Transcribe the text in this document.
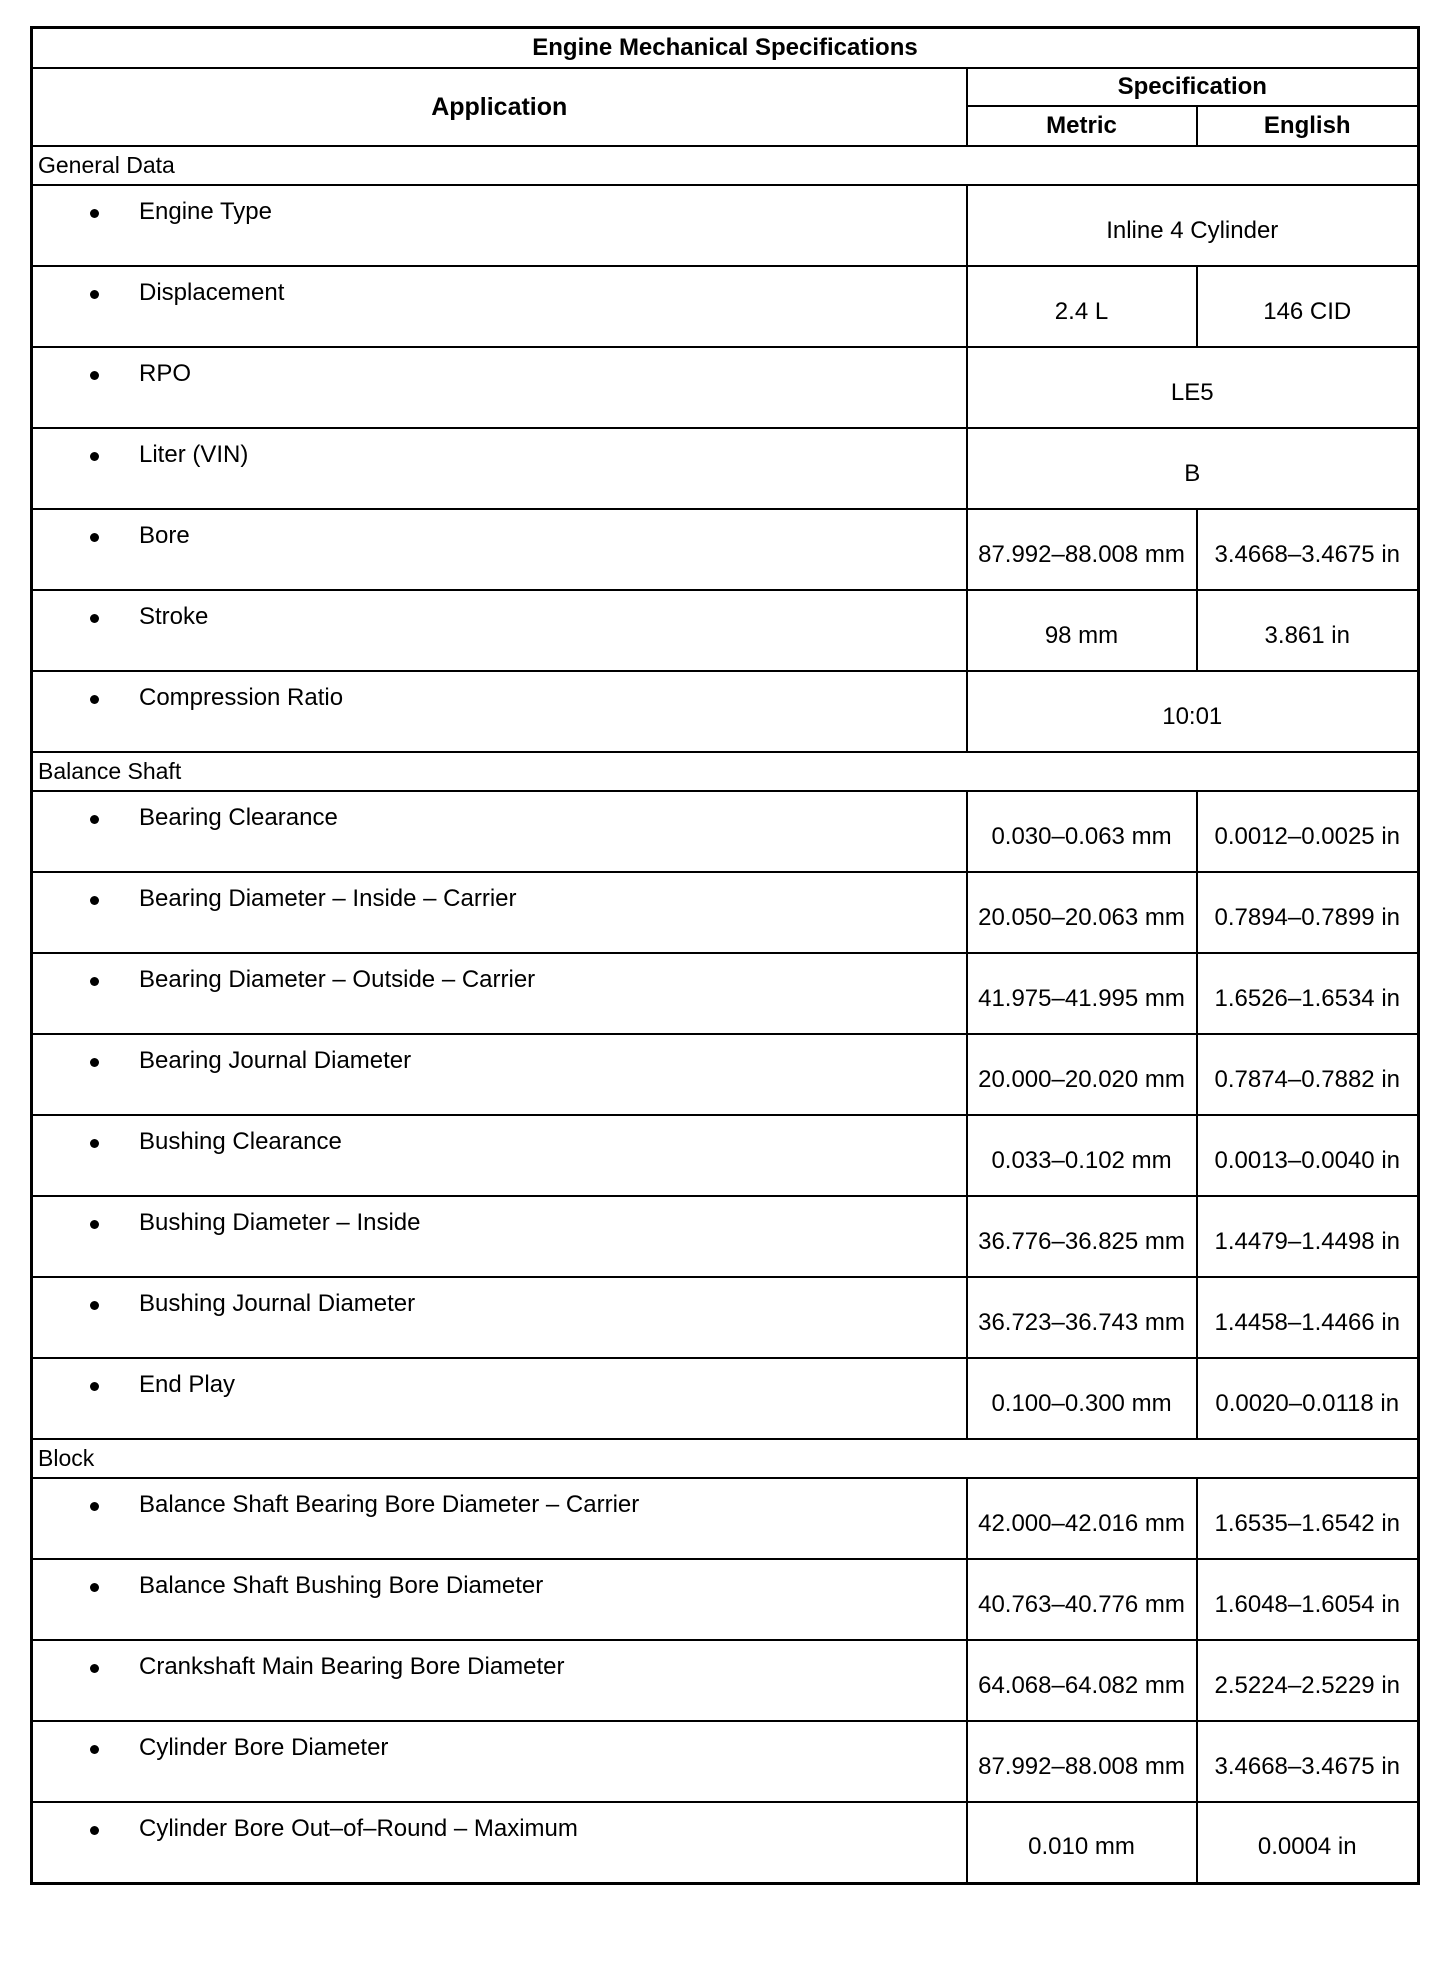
Engine Mechanical Specifications		
Application	Specification	
	Metric	English
General Data		

Engine Type	Inline 4 Cylinder	

Displacement	2.4 L	146 CID

RPO	LE5	

Liter (VIN)	B	

Bore	87.992–88.008 mm	3.4668–3.4675 in

Stroke	98 mm	3.861 in

Compression Ratio	10:01	
Balance Shaft		

Bearing Clearance	0.030–0.063 mm	0.0012–0.0025 in

Bearing Diameter – Inside – Carrier	20.050–20.063 mm	0.7894–0.7899 in

Bearing Diameter – Outside – Carrier	41.975–41.995 mm	1.6526–1.6534 in

Bearing Journal Diameter	20.000–20.020 mm	0.7874–0.7882 in

Bushing Clearance	0.033–0.102 mm	0.0013–0.0040 in

Bushing Diameter – Inside	36.776–36.825 mm	1.4479–1.4498 in

Bushing Journal Diameter	36.723–36.743 mm	1.4458–1.4466 in

End Play	0.100–0.300 mm	0.0020–0.0118 in
Block		

Balance Shaft Bearing Bore Diameter – Carrier	42.000–42.016 mm	1.6535–1.6542 in

Balance Shaft Bushing Bore Diameter	40.763–40.776 mm	1.6048–1.6054 in

Crankshaft Main Bearing Bore Diameter	64.068–64.082 mm	2.5224–2.5229 in

Cylinder Bore Diameter	87.992–88.008 mm	3.4668–3.4675 in

Cylinder Bore Out–of–Round – Maximum	0.010 mm	0.0004 in
